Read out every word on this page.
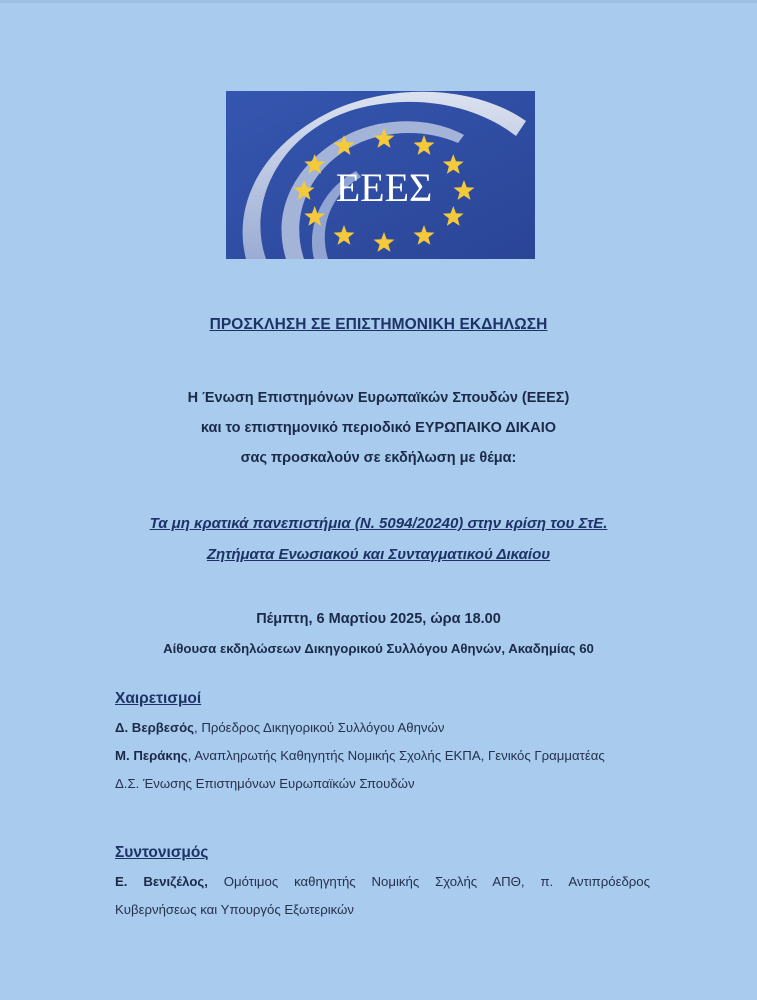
ΕΕΕΣ
ΠΡΟΣΚΛΗΣΗ ΣΕ ΕΠΙΣΤΗΜΟΝΙΚΗ ΕΚΔΗΛΩΣΗ
Η Ένωση Επιστημόνων Ευρωπαϊκών Σπουδών (ΕΕΕΣ)
και το επιστημονικό περιοδικό ΕΥΡΩΠΑΙΚΟ ΔΙΚΑΙΟ
σας προσκαλούν σε εκδήλωση με θέμα:
Τα μη κρατικά πανεπιστήμια (Ν. 5094/20240) στην κρίση του ΣτΕ.
Ζητήματα Ενωσιακού και Συνταγματικού Δικαίου
Πέμπτη, 6 Μαρτίου 2025, ώρα 18.00
Αίθουσα εκδηλώσεων Δικηγορικού Συλλόγου Αθηνών, Ακαδημίας 60
Χαιρετισμοί
Δ. Βερβεσός, Πρόεδρος Δικηγορικού Συλλόγου Αθηνών
Μ. Περάκης, Αναπληρωτής Καθηγητής Νομικής Σχολής ΕΚΠΑ, Γενικός Γραμματέας
Δ.Σ. Ένωσης Επιστημόνων Ευρωπαϊκών Σπουδών
Συντονισμός
Ε. Βενιζέλος, Ομότιμος καθηγητής Νομικής Σχολής ΑΠΘ, π. Αντιπρόεδρος
Κυβερνήσεως και Υπουργός Εξωτερικών
